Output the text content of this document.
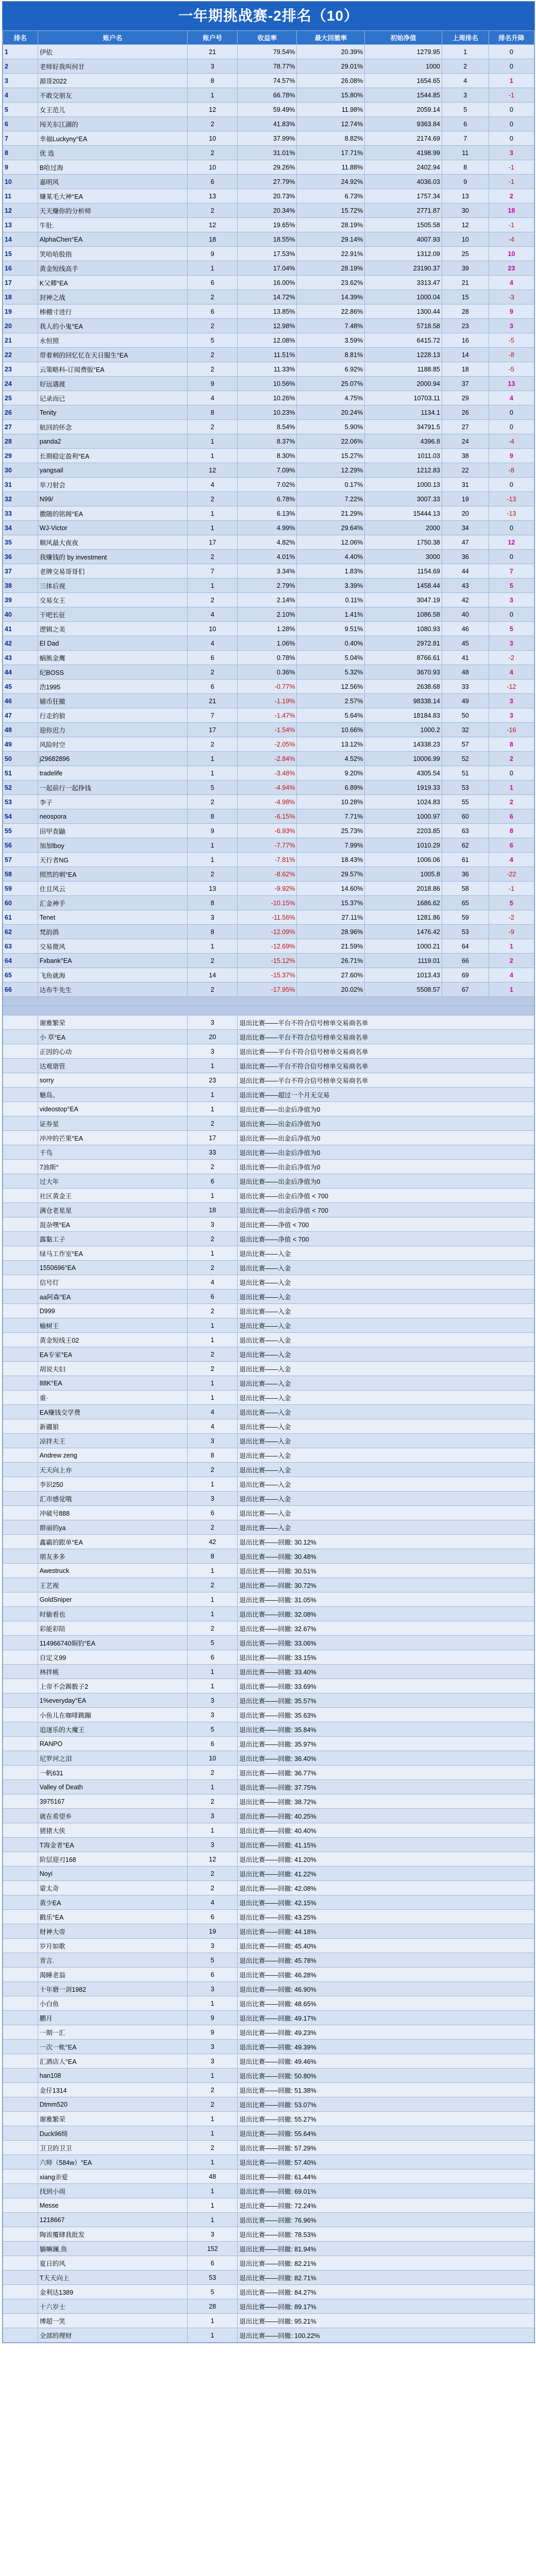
一年期挑战赛-2排名（10）
排名	账户名	账户号	收益率	最大回撤率	初始净值	上周排名	排名升降
1	伊依	21	79.54%	20.39%	1279.95	1	0
2	老师好我叫何甘	3	78.77%	29.01%	1000	2	0
3	源哥2022	8	74.57%	26.08%	1654.65	4	1
4	不敢交朋友	1	66.78%	15.80%	1544.85	3	-1
5	女王范儿	12	59.49%	11.98%	2059.14	5	0
6	闯关东江湖的	2	41.83%	12.74%	9363.84	6	0
7	幸福Luckyny°EA	10	37.99%	8.82%	2174.69	7	0
8	优 选	2	31.01%	17.71%	4198.99	11	3
9	B哈过海	10	29.26%	11.88%	2402.94	8	-1
10	嘉明风	6	27.79%	24.92%	4036.03	9	-1
11	嫌某毛大神°EA	13	20.73%	6.73%	1757.34	13	2
12	天天赚你的分析师	2	20.34%	15.72%	2771.87	30	18
13	牛肚.	12	19.65%	28.19%	1505.58	12	-1
14	AlphaChen°EA	18	18.55%	29.14%	4007.93	10	-4
15	笑哈哈股指	9	17.53%	22.91%	1312.09	25	10
16	黄金短线高手	1	17.04%	28.19%	23190.37	39	23
17	K父卿°EA	6	16.00%	23.62%	3313.47	21	4
18	封神之战	2	14.72%	14.39%	1000.04	15	-3
19	棒棚寸进行	6	13.85%	22.86%	1300.44	28	9
20	我人的小鬼°EA	2	12.98%	7.48%	5718.58	23	3
21	永恒照	5	12.08%	3.59%	6415.72	16	-5
22	带着刺的回忆忆在天日服生°EA	2	11.51%	8.81%	1228.13	14	-8
23	云策略科-订阅费版°EA	2	11.33%	6.92%	1188.85	18	-5
24	好远遇渡	9	10.56%	25.07%	2000.94	37	13
25	记录而已	4	10.26%	4.75%	10703.11	29	4
26	Tenity	8	10.23%	20.24%	1134.1	26	0
27	航回的怀念	2	8.54%	5.90%	34791.5	27	0
28	panda2	1	8.37%	22.06%	4396.8	24	-4
29	长期稳定盈利°EA	1	8.30%	15.27%	1011.03	38	9
30	yangsail	12	7.09%	12.29%	1212.83	22	-8
31	举刀射会	4	7.02%	0.17%	1000.13	31	0
32	N99/	2	6.78%	7.22%	3007.33	19	-13
33	撒随的铭阁°EA	1	6.13%	21.29%	15444.13	20	-13
34	WJ-Victor	1	4.99%	29.64%	2000	34	0
35	顺风最大夜夜	17	4.82%	12.06%	1750.38	47	12
36	我赚钱的 by investment	2	4.01%	4.40%	3000	36	0
37	老牌交易哥哥们	7	3.34%	1.83%	1154.69	44	7
38	三体后视	1	2.79%	3.39%	1458.44	43	5
39	交易女王	2	2.14%	0.11%	3047.19	42	3
40	干吧长征	4	2.10%	1.41%	1086.58	40	0
41	逻辑之美	10	1.28%	9.51%	1080.93	46	5
42	El Dad	4	1.06%	0.40%	2972.81	45	3
43	蜗熊金鹰	6	0.78%	5.04%	8766.61	41	-2
44	纪BOSS	2	0.36%	5.32%	3670.93	48	4
45	浩1995	6	-0.77%	12.56%	2638.68	33	-12
46	辅币狂撤	21	-1.19%	2.57%	98338.14	49	3
47	行走的狼	7	-1.47%	5.64%	18184.83	50	3
48	迎你迟力	17	-1.54%	10.66%	1000.2	32	-16
49	风险时空	2	-2.05%	13.12%	14338.23	57	8
50	j29682896	1	-2.84%	4.52%	10006.99	52	2
51	tradelife	1	-3.48%	9.20%	4305.54	51	0
52	一起前行一起挣钱	5	-4.94%	6.89%	1919.33	53	1
53	李子	2	-4.98%	10.28%	1024.83	55	2
54	neospora	8	-6.15%	7.71%	1000.97	60	6
55	田甲查鼬	9	-6.93%	25.73%	2203.85	63	8
56	加加lboy	1	-7.77%	7.99%	1010.29	62	6
57	天行者NG	1	-7.81%	18.43%	1006.06	61	4
58	照然的刺°EA	2	-8.62%	29.57%	1005.8	36	-22
59	仕且风云	13	-9.92%	14.60%	2018.86	58	-1
60	汇金神手	8	-10.15%	15.37%	1686.62	65	5
61	Tenet	3	-11.56%	27.11%	1281.86	59	-2
62	梵韵鸽	8	-12.09%	28.96%	1476.42	53	-9
63	交易微风	1	-12.69%	21.59%	1000.21	64	1
64	Fxbank°EA	2	-15.12%	26.71%	1119.01	66	2
65	飞鱼就海	14	-15.37%	27.60%	1013.43	69	4
66	达布牛先生	2	-17.95%	20.02%	5508.57	67	1

	谢雅繁荣	3	退出比赛——平台不符合信号榜单交易商名单				
	小 草°EA	20	退出比赛——平台不符合信号榜单交易商名单				
	正因的心动	3	退出比赛——平台不符合信号榜单交易商名单				
	达观谐管	1	退出比赛——平台不符合信号榜单交易商名单				
	sorry	23	退出比赛——平台不符合信号榜单交易商名单				
	魅岛。	1	退出比赛——超过一个月无交易				
	videostop°EA	1	退出比赛——出金后净值为0				
	证券星	2	退出比赛——出金后净值为0				
	冲冲的芒果°EA	17	退出比赛——出金后净值为0				
	千鸟	33	退出比赛——出金后净值为0				
	7油斯°	2	退出比赛——出金后净值为0				
	过大年	6	退出比赛——出金后净值为0				
	社区黄金王	1	退出比赛——出金后净值 < 700				
	满仓老星星	18	退出比赛——出金后净值 < 700				
	混杂嘿°EA	3	退出比赛——净值 < 700				
	露黏工子	2	退出比赛——净值 < 700				
	绿马工作室°EA	1	退出比赛——入金				
	1550696°EA	2	退出比赛——入金				
	信号灯	4	退出比赛——入金				
	aa阿森°EA	6	退出比赛——入金				
	D999	2	退出比赛——入金				
	榆树王	1	退出比赛——入金				
	黄金短线王02	1	退出比赛——入金				
	EA专家°EA	2	退出比赛——入金				
	胡说夫妇	2	退出比赛——入金				
	88K°EA	1	退出比赛——入金				
	重·	1	退出比赛——入金				
	EA赚钱交学费	4	退出比赛——入金				
	新疆狼	4	退出比赛——入金				
	凉拌夫王	3	退出比赛——入金				
	Andrew zeng	8	退出比赛——入金				
	天天向上亦	2	退出比赛——入金				
	李识250	1	退出比赛——入金				
	汇市感觉哦	3	退出比赛——入金				
	冲破号888	6	退出比赛——入金				
	群丽的ya	2	退出比赛——入金				
	鑫霸的跟单°EA	42	退出比赛——回撤: 30.12%				
	朋友多多	8	退出比赛——回撤: 30.48%				
	Awestruck	1	退出比赛——回撤: 30.51%				
	王艺视	2	退出比赛——回撤: 30.72%				
	GoldSniper	1	退出比赛——回撤: 31.05%				
	时偷看也	1	退出比赛——回撤: 32.08%				
	彩能彩陪	2	退出比赛——回撤: 32.67%				
	114966740焖豹°EA	5	退出比赛——回撤: 33.06%				
	自定义99	6	退出比赛——回撤: 33.15%				
	林拌桃	1	退出比赛——回撤: 33.40%				
	上帝不会踢骰子2	1	退出比赛——回撤: 33.69%				
	1%everyday°EA	3	退出比赛——回撤: 35.57%				
	小鱼儿在咖啡跳蹦	3	退出比赛——回撤: 35.63%				
	追逐乐的大魔王	5	退出比赛——回撤: 35.84%				
	RANPO	6	退出比赛——回撤: 35.97%				
	尼罗河之泪	10	退出比赛——回撤: 36.40%				
	一帆631	2	退出比赛——回撤: 36.77%				
	Valley of Death	1	退出比赛——回撤: 37.75%				
	3975167	2	退出比赛——回撤: 38.72%				
	就在希望乡	3	退出比赛——回撤: 40.25%				
	猪猪大侠	1	退出比赛——回撤: 40.40%				
	T海金者°EA	3	退出比赛——回撤: 41.15%				
	阶层迎刃168	12	退出比赛——回撤: 41.20%				
	Noyi	2	退出比赛——回撤: 41.22%				
	蒙太奇	2	退出比赛——回撤: 42.08%				
	黄少EA	4	退出比赛——回撤: 42.15%				
	戳乐°EA	6	退出比赛——回撤: 43.25%				
	财神大帝	19	退出比赛——回撤: 44.18%				
	岁月如歌	3	退出比赛——回撤: 45.40%				
	青言.	5	退出比赛——回撤: 45.78%				
	渴睡老翁	6	退出比赛——回撤: 46.28%				
	十年磨一剑1982	3	退出比赛——回撤: 46.90%				
	小白鱼	1	退出比赛——回撤: 48.65%				
	鹏月	9	退出比赛——回撤: 49.17%				
	一期一汇	9	退出比赛——回撤: 49.23%				
	一次一帐°EA	3	退出比赛——回撤: 49.39%				
	汇酒店人°EA	3	退出比赛——回撤: 49.46%				
	han108	1	退出比赛——回撤: 50.80%				
	金仔1314	2	退出比赛——回撤: 51.38%				
	Dtmm520	2	退出比赛——回撤: 53.07%				
	谢雅繁荣	1	退出比赛——回撤: 55.27%				
	Duck96绮	1	退出比赛——回撤: 55.64%				
	卫卫的卫卫	2	退出比赛——回撤: 57.29%				
	六师（584w）°EA	1	退出比赛——回撤: 57.40%				
	xiang亲爱	48	退出比赛——回撤: 61.44%				
	找到小雨	1	退出比赛——回撤: 69.01%				
	Messe	1	退出比赛——回撤: 72.24%				
	1218667	1	退出比赛——回撤: 76.96%				
	陶诶覆肆我批发	3	退出比赛——回撤: 78.53%				
	躺嘛澜.魚	152	退出比赛——回撤: 81.94%				
	夏日的风	6	退出比赛——回撤: 82.21%				
	T天天向上	53	退出比赛——回撤: 82.71%				
	金利达1389	5	退出比赛——回撤: 84.27%				
	十六岁士	28	退出比赛——回撤: 89.17%				
	博超一笑	1	退出比赛——回撤: 95.21%				
	全部的理财	1	退出比赛——回撤: 100.22%				
